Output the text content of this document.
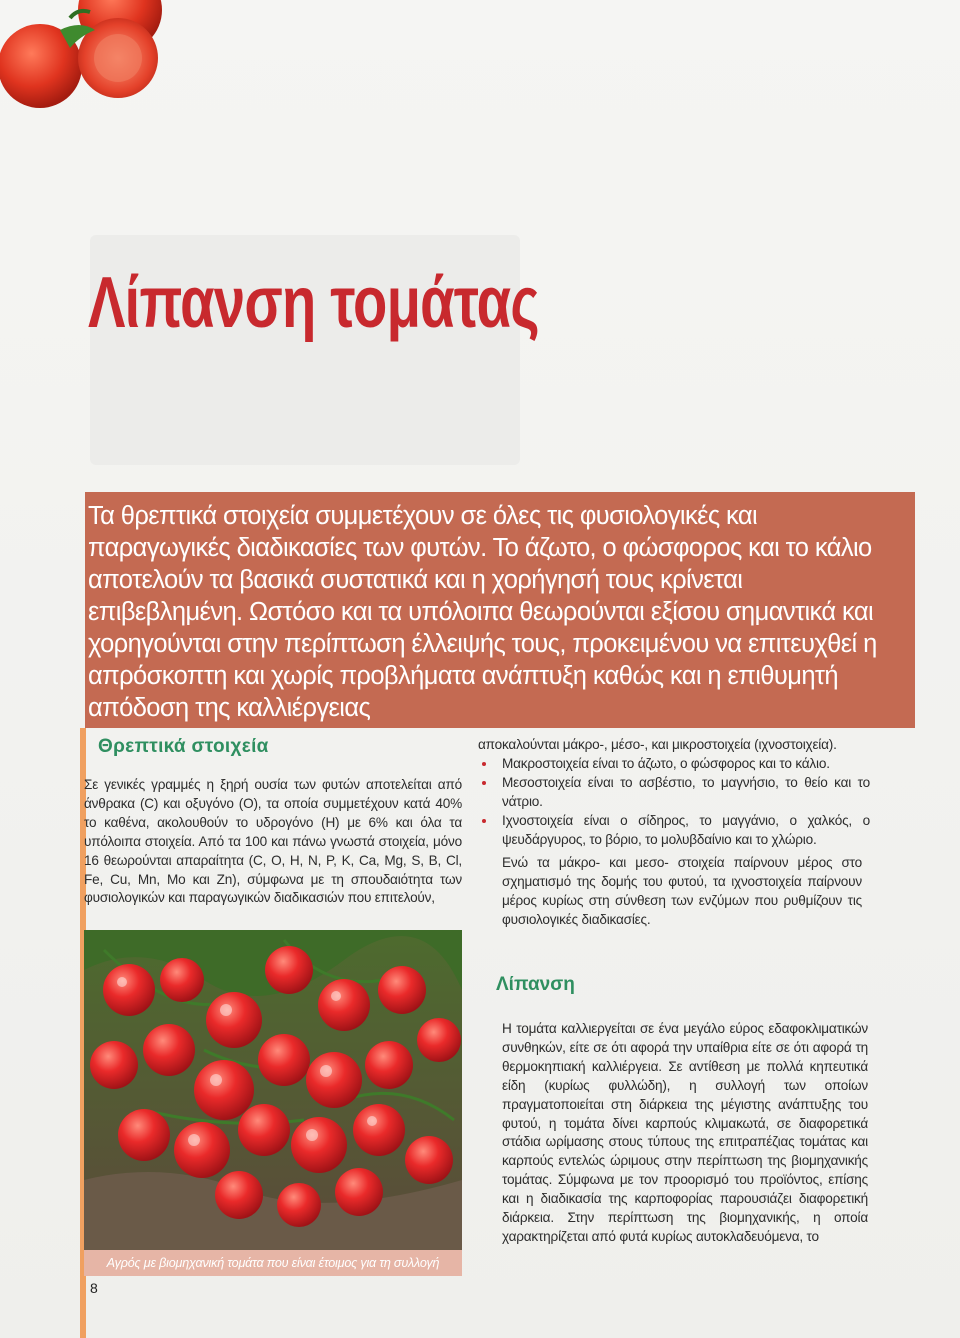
Λίπανση τομάτας

Τα θρεπτικά στοιχεία συμμετέχουν σε όλες τις φυσιολογικές και παραγωγικές διαδικασίες των φυτών. Το άζωτο, ο φώσφορος και το κάλιο αποτελούν τα βασικά συστατικά και η χορήγησή τους κρίνεται επιβεβλημένη. Ωστόσο και τα υπόλοιπα θεωρούνται εξίσου σημαντικά και χορηγούνται στην περίπτωση έλλειψής τους, προκειμένου να επιτευχθεί η απρόσκοπτη και χωρίς προβλήματα ανάπτυξη καθώς και η επιθυμητή απόδοση της καλλιέργειας

Θρεπτικά στοιχεία

Σε γενικές γραμμές η ξηρή ουσία των φυτών αποτελείται από άνθρακα (C) και οξυγόνο (O), τα οποία συμμετέχουν κατά 40% το καθένα, ακολουθούν το υδρογόνο (H) με 6% και όλα τα υπόλοιπα στοιχεία. Από τα 100 και πάνω γνωστά στοιχεία, μόνο 16 θεωρούνται απαραίτητα (C, O, H, N, P, K, Ca, Mg, S, B, Cl, Fe, Cu, Mn, Mo και Zn), σύμφωνα με τη σπουδαιότητα των φυσιολογικών και παραγωγικών διαδικασιών που επιτελούν,

Αγρός με βιομηχανική τομάτα που είναι έτοιμος για τη συλλογή
8

αποκαλούνται μάκρο-, μέσο-, και μικροστοιχεία (ιχνοστοιχεία).

Μακροστοιχεία είναι το άζωτο, ο φώσφορος και το κάλιο.
Μεσοστοιχεία είναι το ασβέστιο, το μαγνήσιο, το θείο και το νάτριο.
Ιχνοστοιχεία είναι ο σίδηρος, το μαγγάνιο, ο χαλκός, ο ψευδάργυρος, το βόριο, το μολυβδαίνιο και το χλώριο.

Ενώ τα μάκρο- και μεσο- στοιχεία παίρνουν μέρος στο σχηματισμό της δομής του φυτού, τα ιχνοστοιχεία παίρνουν μέρος κυρίως στη σύνθεση των ενζύμων που ρυθμίζουν τις φυσιολογικές διαδικασίες.

Λίπανση

Η τομάτα καλλιεργείται σε ένα μεγάλο εύρος εδαφοκλιματικών συνθηκών, είτε σε ότι αφορά την υπαίθρια είτε σε ότι αφορά τη θερμοκηπιακή καλλιέργεια. Σε αντίθεση με πολλά κηπευτικά είδη (κυρίως φυλλώδη), η συλλογή των οποίων πραγματοποιείται στη διάρκεια της μέγιστης ανάπτυξης του φυτού, η τομάτα δίνει καρπούς κλιμακωτά, σε διαφορετικά στάδια ωρίμασης στους τύπους της επιτραπέζιας τομάτας και καρπούς εντελώς ώριμους στην περίπτωση της βιομηχανικής τομάτας. Σύμφωνα με τον προορισμό του προϊόντος, επίσης και η διαδικασία της καρποφορίας παρουσιάζει διαφορετική διάρκεια. Στην περίπτωση της βιομηχανικής, η οποία χαρακτηρίζεται από φυτά κυρίως αυτοκλαδευόμενα, το
